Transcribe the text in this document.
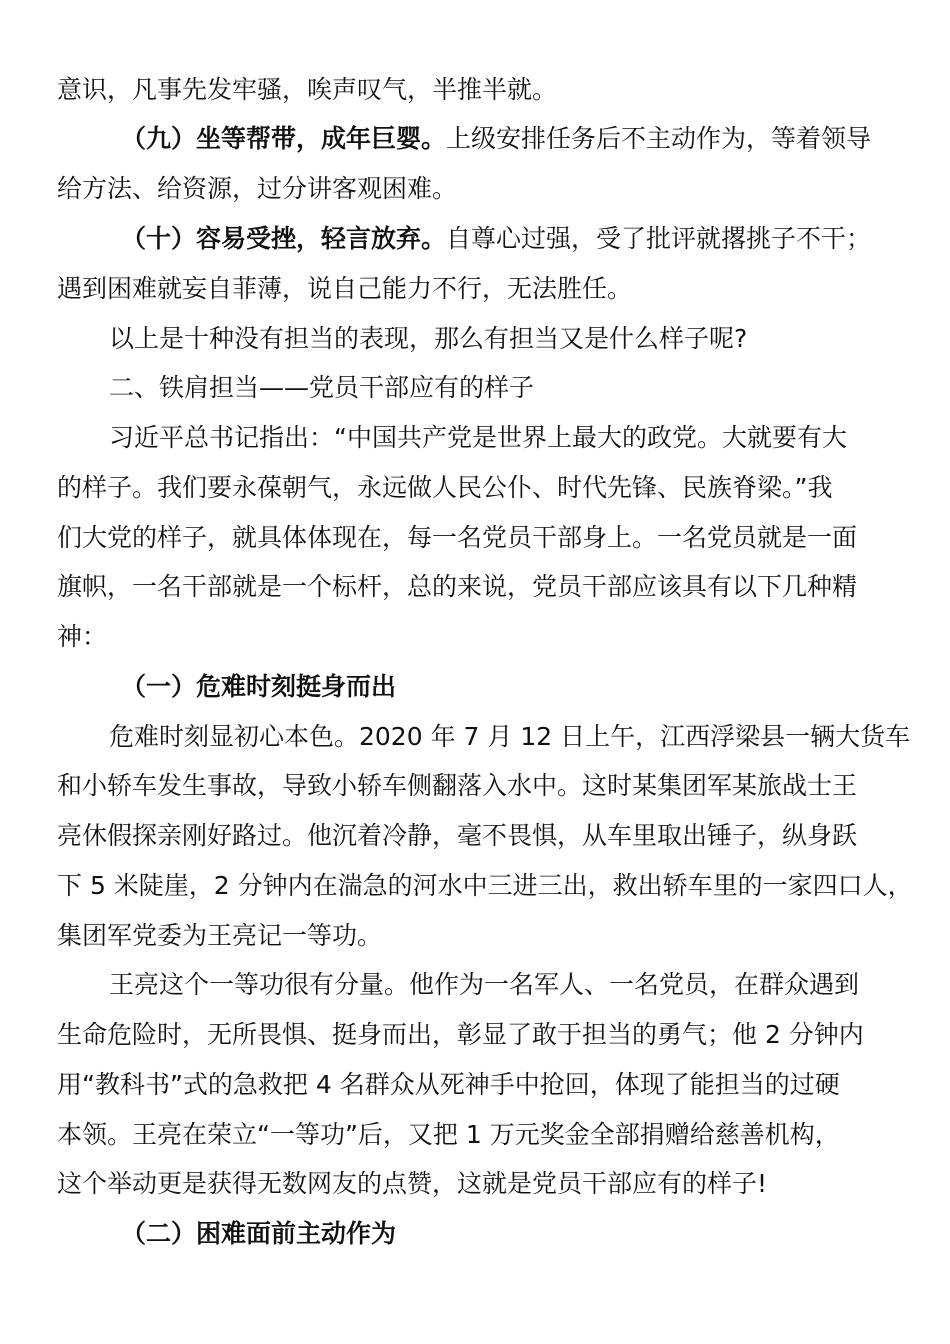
意识，凡事先发牢骚，唉声叹气，半推半就。
（九）坐等帮带，成年巨婴。上级安排任务后不主动作为，等着领导
给方法、给资源，过分讲客观困难。
（十）容易受挫，轻言放弃。自尊心过强，受了批评就撂挑子不干；
遇到困难就妄自菲薄，说自己能力不行，无法胜任。
以上是十种没有担当的表现，那么有担当又是什么样子呢?
二、铁肩担当——党员干部应有的样子
习近平总书记指出：“中国共产党是世界上最大的政党。大就要有大
的样子。我们要永葆朝气，永远做人民公仆、时代先锋、民族脊梁。”我
们大党的样子，就具体体现在，每一名党员干部身上。一名党员就是一面
旗帜，一名干部就是一个标杆，总的来说，党员干部应该具有以下几种精
神：
（一）危难时刻挺身而出
危难时刻显初心本色。2020 年 7 月 12 日上午，江西浮梁县一辆大货车
和小轿车发生事故，导致小轿车侧翻落入水中。这时某集团军某旅战士王
亮休假探亲刚好路过。他沉着冷静，毫不畏惧，从车里取出锤子，纵身跃
下 5 米陡崖，2 分钟内在湍急的河水中三进三出，救出轿车里的一家四口人，
集团军党委为王亮记一等功。
王亮这个一等功很有分量。他作为一名军人、一名党员，在群众遇到
生命危险时，无所畏惧、挺身而出，彰显了敢于担当的勇气；他 2 分钟内
用“教科书”式的急救把 4 名群众从死神手中抢回，体现了能担当的过硬
本领。王亮在荣立“一等功”后，又把 1 万元奖金全部捐赠给慈善机构，
这个举动更是获得无数网友的点赞，这就是党员干部应有的样子!
（二）困难面前主动作为
